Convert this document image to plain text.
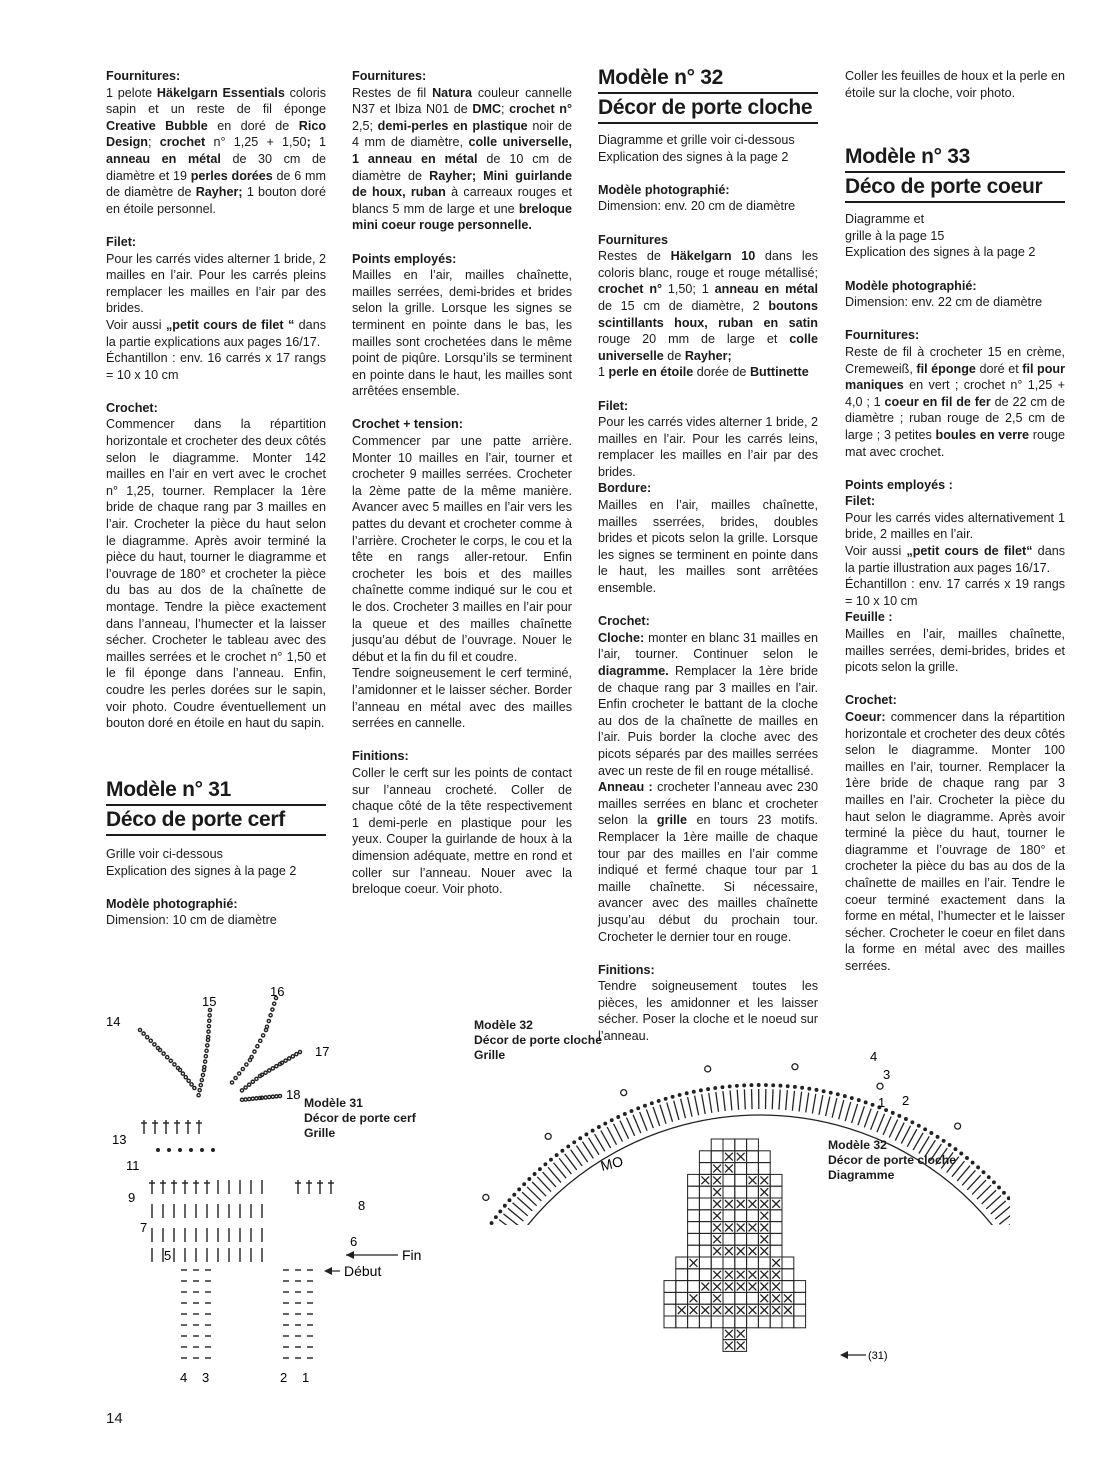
Fournitures:

1 pelote Häkelgarn Essentials coloris sapin et un reste de fil éponge Creative Bubble en doré de Rico Design; crochet n° 1,25 + 1,50; 1 anneau en métal de 30 cm de diamètre et 19 perles dorées de 6 mm de diamètre de Rayher; 1 bouton doré en étoile personnel.

Filet:

Pour les carrés vides alterner 1 bride, 2 mailles en l’air. Pour les carrés pleins remplacer les mailles en l’air par des brides.
Voir aussi „petit cours de filet “ dans la partie explications aux pages 16/17.
Échantillon : env. 16 carrés x 17 rangs = 10 x 10 cm

Crochet:

Commencer dans la répartition horizontale et crocheter des deux côtés selon le diagramme. Monter 142 mailles en l’air en vert avec le crochet n° 1,25, tourner. Remplacer la 1ère bride de chaque rang par 3 mailles en l’air. Crocheter la pièce du haut selon le diagramme. Après avoir terminé la pièce du haut, tourner le diagramme et l’ouvrage de 180° et crocheter la pièce du bas au dos de la chaînette de montage. Tendre la pièce exactement dans l’anneau, l’humecter et la laisser sécher. Crocheter le tableau avec des mailles serrées et le crochet n° 1,50 et le fil éponge dans l’anneau. Enfin, coudre les perles dorées sur le sapin, voir photo. Coudre éventuellement un bouton doré en étoile en haut du sapin.

Modèle n° 31
Déco de porte cerf
Grille voir ci-dessous
Explication des signes à la page 2
Modèle photographié:
Dimension: 10 cm de diamètre
Fournitures:

Restes de fil Natura couleur cannelle N37 et Ibiza N01 de DMC; crochet n° 2,5; demi-perles en plastique noir de 4 mm de diamètre, colle universelle, 1 anneau en métal de 10 cm de diamètre de Rayher; Mini guirlande de houx, ruban à carreaux rouges et blancs 5 mm de large et une breloque mini coeur rouge personnelle.

Points employés:

Mailles en l’air, mailles chaînette, mailles serrées, demi-brides et brides selon la grille. Lorsque les signes se terminent en pointe dans le bas, les mailles sont crochetées dans le même point de piqûre. Lorsqu’ils se terminent en pointe dans le haut, les mailles sont arrêtées ensemble.

Crochet + tension:

Commencer par une patte arrière. Monter 10 mailles en l’air, tourner et crocheter 9 mailles serrées. Crocheter la 2ème patte de la même manière. Avancer avec 5 mailles en l’air vers les pattes du devant et crocheter comme à l’arrière. Crocheter le corps, le cou et la tête en rangs aller-retour. Enfin crocheter les bois et des mailles chaînette comme indiqué sur le cou et le dos. Crocheter 3 mailles en l’air pour la queue et des mailles chaînette jusqu’au début de l’ouvrage. Nouer le début et la fin du fil et coudre.
Tendre soigneusement le cerf terminé, l’amidonner et le laisser sécher. Border l’anneau en métal avec des mailles serrées en cannelle.

Finitions:

Coller le cerft sur les points de contact sur l’anneau crocheté. Coller de chaque côté de la tête respectivement 1 demi-perle en plastique pour les yeux. Couper la guirlande de houx à la dimension adéquate, mettre en rond et coller sur l’anneau. Nouer avec la breloque coeur. Voir photo.

Modèle n° 32
Décor de porte cloche
Diagramme et grille voir ci-dessous
Explication des signes à la page 2
Modèle photographié:

Dimension: env. 20 cm de diamètre

Fournitures

Restes de Häkelgarn 10 dans les coloris blanc, rouge et rouge métallisé; crochet n° 1,50; 1 anneau en métal de 15 cm de diamètre, 2 boutons scintillants houx, ruban en satin rouge 20 mm de large et colle universelle de Rayher;
1 perle en étoile dorée de Buttinette

Filet:

Pour les carrés vides alterner 1 bride, 2 mailles en l’air. Pour les carrés leins, remplacer les mailles en l’air par des brides.

Bordure:

Mailles en l’air, mailles chaînette, mailles sserrées, brides, doubles brides et picots selon la grille. Lorsque les signes se terminent en pointe dans le haut, les mailles sont arrêtées ensemble.

Crochet:

Cloche: monter en blanc 31 mailles en l’air, tourner. Continuer selon le diagramme. Remplacer la 1ère bride de chaque rang par 3 mailles en l’air. Enfin crocheter le battant de la cloche au dos de la chaînette de mailles en l’air. Puis border la cloche avec des picots séparés par des mailles serrées avec un reste de fil en rouge métallisé.
Anneau : crocheter l’anneau avec 230 mailles serrées en blanc et crocheter selon la grille en tours 23 motifs. Remplacer la 1ère maille de chaque tour par des mailles en l’air comme indiqué et fermé chaque tour par 1 maille chaînette. Si nécessaire, avancer avec des mailles chaînette jusqu’au début du prochain tour. Crocheter le dernier tour en rouge.

Finitions:

Tendre soigneusement toutes les pièces, les amidonner et les laisser sécher. Poser la cloche et le noeud sur l’anneau.

Coller les feuilles de houx et la perle en étoile sur la cloche, voir photo.

Modèle n° 33
Déco de porte coeur
Diagramme et
grille à la page 15
Explication des signes à la page 2
Modèle photographié:

Dimension: env. 22 cm de diamètre

Fournitures:

Reste de fil à crocheter 15 en crème, Cremeweiß, fil éponge doré et fil pour maniques en vert ; crochet n° 1,25 + 4,0 ; 1 coeur en fil de fer de 22 cm de diamètre ; ruban rouge de 2,5 cm de large ; 3 petites boules en verre rouge mat avec crochet.

Points employés :
Filet:

Pour les carrés vides alternativement 1 bride, 2 mailles en l’air.
Voir aussi „petit cours de filet“ dans la partie illustration aux pages 16/17.
Échantillon : env. 17 carrés x 19 rangs = 10 x 10 cm

Feuille :

Mailles en l’air, mailles chaînette, mailles serrées, demi-brides, brides et picots selon la grille.

Crochet:

Coeur: commencer dans la répartition horizontale et crocheter des deux côtés selon le diagramme. Monter 100 mailles en l’air, tourner. Remplacer la 1ère bride de chaque rang par 3 mailles en l’air. Crocheter la pièce du haut selon le diagramme. Après avoir terminé la pièce du haut, tourner le diagramme et l’ouvrage de 180° et crocheter la pièce du bas au dos de la chaînette de mailles en l’air. Tendre le coeur terminé exactement dans la forme en métal, l’humecter et le laisser sécher. Crocheter le coeur en filet dans la forme en métal avec des mailles serrées.

14
15
16
17
18
13
11
9
7
5
8
6
4 3	2 1
Fin
Début
Modèle 31
Décor de porte cerf
Grille
Modèle 32
Décor de porte cloche
Grille
MO
4
3
1 2
Modèle 32
Décor de porte cloche
Diagramme
(31)
14
